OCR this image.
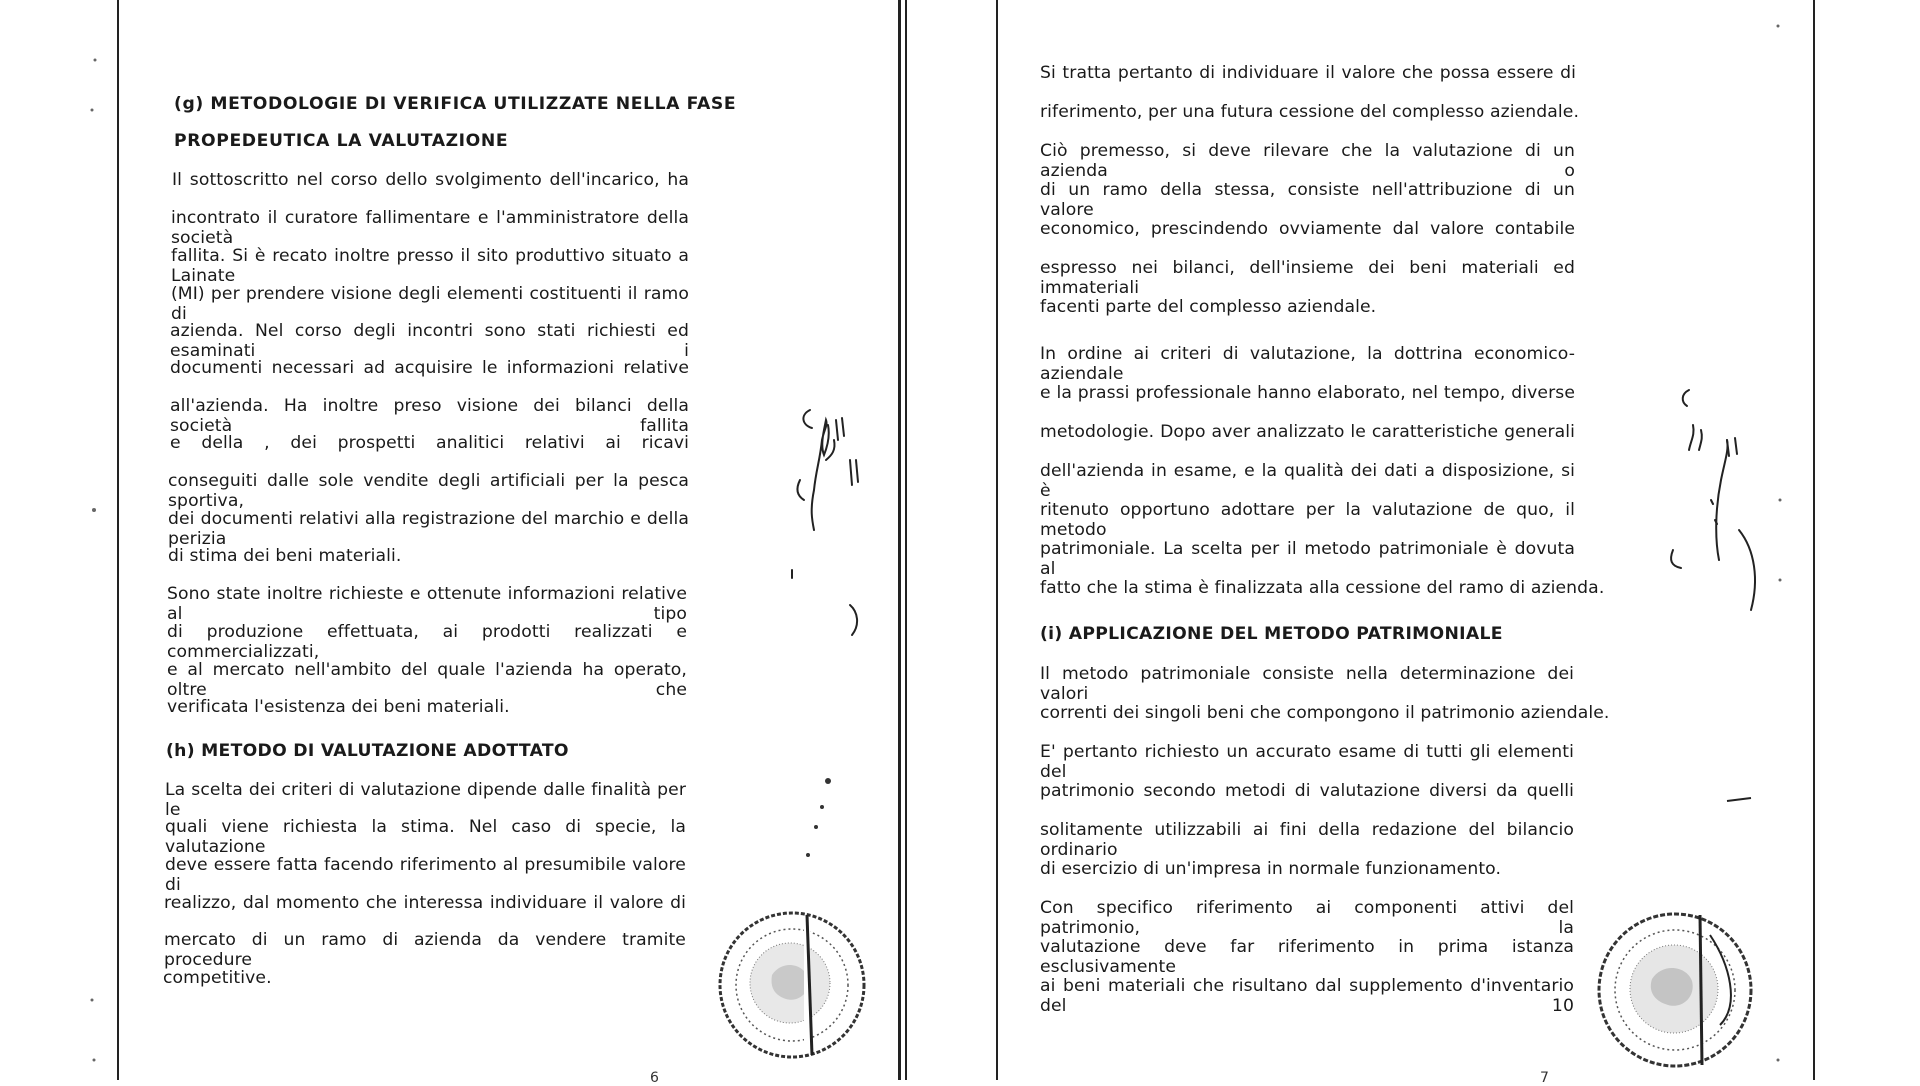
(g) METODOLOGIE DI VERIFICA UTILIZZATE NELLA FASE
PROPEDEUTICA LA VALUTAZIONE
Il sottoscritto nel corso dello svolgimento dell'incarico, ha
incontrato il curatore fallimentare e l'amministratore della società
fallita. Si è recato inoltre presso il sito produttivo situato a Lainate
(MI) per prendere visione degli elementi costituenti il ramo di
azienda. Nel corso degli incontri sono stati richiesti ed esaminati i
documenti necessari ad acquisire le informazioni relative
all'azienda. Ha inoltre preso visione dei bilanci della società fallita
e della , dei prospetti analitici relativi ai ricavi
conseguiti dalle sole vendite degli artificiali per la pesca sportiva,
dei documenti relativi alla registrazione del marchio e della perizia
di stima dei beni materiali.
Sono state inoltre richieste e ottenute informazioni relative al tipo
di produzione effettuata, ai prodotti realizzati e commercializzati,
e al mercato nell'ambito del quale l'azienda ha operato, oltre che
verificata l'esistenza dei beni materiali.
(h) METODO DI VALUTAZIONE ADOTTATO
La scelta dei criteri di valutazione dipende dalle finalità per le
quali viene richiesta la stima. Nel caso di specie, la valutazione
deve essere fatta facendo riferimento al presumibile valore di
realizzo, dal momento che interessa individuare il valore di
mercato di un ramo di azienda da vendere tramite procedure
competitive.
6
Si tratta pertanto di individuare il valore che possa essere di
riferimento, per una futura cessione del complesso aziendale.
Ciò premesso, si deve rilevare che la valutazione di un azienda o
di un ramo della stessa, consiste nell'attribuzione di un valore
economico, prescindendo ovviamente dal valore contabile
espresso nei bilanci, dell'insieme dei beni materiali ed immateriali
facenti parte del complesso aziendale.
In ordine ai criteri di valutazione, la dottrina economico-aziendale
e la prassi professionale hanno elaborato, nel tempo, diverse
metodologie. Dopo aver analizzato le caratteristiche generali
dell'azienda in esame, e la qualità dei dati a disposizione, si è
ritenuto opportuno adottare per la valutazione de quo, il metodo
patrimoniale. La scelta per il metodo patrimoniale è dovuta al
fatto che la stima è finalizzata alla cessione del ramo di azienda.
(i) APPLICAZIONE DEL METODO PATRIMONIALE
Il metodo patrimoniale consiste nella determinazione dei valori
correnti dei singoli beni che compongono il patrimonio aziendale.
E' pertanto richiesto un accurato esame di tutti gli elementi del
patrimonio secondo metodi di valutazione diversi da quelli
solitamente utilizzabili ai fini della redazione del bilancio ordinario
di esercizio di un'impresa in normale funzionamento.
Con specifico riferimento ai componenti attivi del patrimonio, la
valutazione deve far riferimento in prima istanza esclusivamente
ai beni materiali che risultano dal supplemento d'inventario del 10
7
